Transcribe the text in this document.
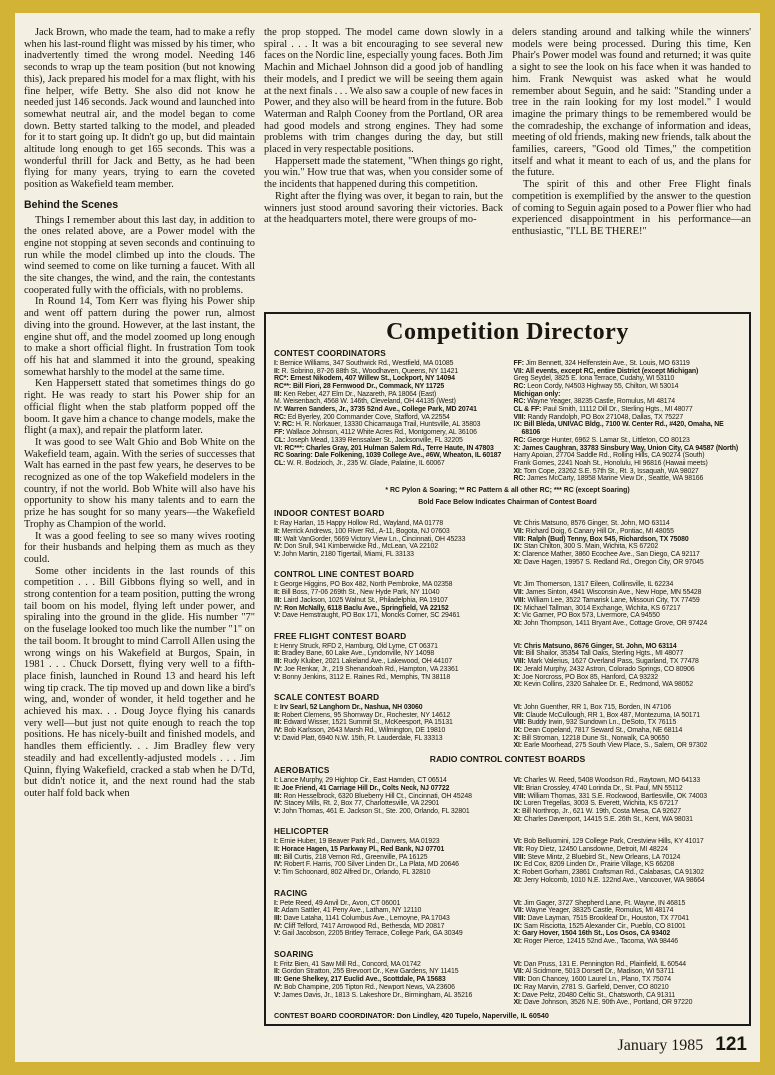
Jack Brown, who made the team, had to make a refly when his last-round flight was missed by his timer, who inadvertently timed the wrong model. Needing 146 seconds to wrap up the team position (but not knowing this), Jack prepared his model for a max flight, with his fine helper, wife Betty. She also did not know he needed just 146 seconds. Jack wound and launched into somewhat neutral air, and the model began to come down. Betty started talking to the model, and pleaded for it to start going up. It didn't go up, but did maintain altitude long enough to get 165 seconds. This was a wonderful thrill for Jack and Betty, as he had been flying for many years, trying to earn the coveted position as Wakefield team member.

Behind the Scenes

Things I remember about this last day, in addition to the ones related above, are a Power model with the engine not stopping at seven seconds and continuing to run while the model climbed up into the clouds. The wind seemed to come on like turning a faucet. With all the site changes, the wind, and the rain, the contestants cooperated fully with the officials, with no problems.

In Round 14, Tom Kerr was flying his Power ship and went off pattern during the power run, almost diving into the ground. However, at the last instant, the engine shut off, and the model zoomed up long enough to make a short official flight. In frustration Tom took off his hat and slammed it into the ground, speaking somewhat harshly to the model at the same time.

Ken Happersett stated that sometimes things do go right. He was ready to start his Power ship for an official flight when the stab platform popped off the boom. It gave him a chance to change models, make the flight (a max), and repair the platform later.

It was good to see Walt Ghio and Bob White on the Wakefield team, again. With the series of successes that Walt has earned in the past few years, he deserves to be recognized as one of the top Wakefield modelers in the country, if not the world. Bob White will also have his opportunity to show his many talents and to earn the prize he has sought for so many years—the Wakefield Trophy as Champion of the world.

It was a good feeling to see so many wives rooting for their husbands and helping them as much as they could.

Some other incidents in the last rounds of this competition . . . Bill Gibbons flying so well, and in strong contention for a team position, putting the wrong tail boom on his model, flying left under power, and spiraling into the ground in the glide. His number "7" on the fuselage looked too much like the number "1" on the tail boom. It brought to mind Carroll Allen using the wrong wings on his Wakefield at Burgos, Spain, in 1981 . . . Chuck Dorsett, flying very well to a fifth-place finish, launched in Round 13 and heard his left wing tip crack. The tip moved up and down like a bird's wing, and, wonder of wonder, it held together and he achieved his max. . . Doug Joyce flying his canards very well—but just not quite enough to reach the top positions. He has nicely-built and finished models, and handles them efficiently. . . Jim Bradley flew very steadily and had excellently-adjusted models . . . Jim Quinn, flying Wakefield, cracked a stab when he D/Td, but didn't notice it, and the next round had the stab outer half fold back when

the prop stopped. The model came down slowly in a spiral . . . It was a bit encouraging to see several new faces on the Nordic line, especially young faces. Both Jim Machin and Michael Johnson did a good job of handling their models, and I predict we will be seeing them again at the next finals . . . We also saw a couple of new faces in Power, and they also will be heard from in the future. Bob Waterman and Ralph Cooney from the Portland, OR area had good models and strong engines. They had some problems with trim changes during the day, but still placed in very respectable positions.

Happersett made the statement, "When things go right, you win." How true that was, when you consider some of the incidents that happened during this competition.

Right after the flying was over, it began to rain, but the winners just stood around savoring their victories. Back at the headquarters motel, there were groups of mo-

delers standing around and talking while the winners' models were being processed. During this time, Ken Phair's Power model was found and returned; it was quite a sight to see the look on his face when it was handed to him. Frank Newquist was asked what he would remember about Seguin, and he said: "Standing under a tree in the rain looking for my lost model." I would imagine the primary things to be remembered would be the comradeship, the exchange of information and ideas, meeting of old friends, making new friends, talk about the families, careers, "Good old Times," the competition itself and what it meant to each of us, and the plans for the future.

The spirit of this and other Free Flight finals competition is exemplified by the answer to the question of coming to Seguin again posed to a Power flier who had experienced disappointment in his performance—an enthusiastic, "I'LL BE THERE!"

Competition Directory
CONTEST COORDINATORS
I: Bernice Williams, 347 Southwick Rd., Westfield, MA 01085
II: R. Sobrino, 87-26 88th St., Woodhaven, Queens, NY 11421
RC*: Ernest Nikodem, 407 Willew St., Lockport, NY 14094
RC**: Bill Fiori, 28 Fernwood Dr., Commack, NY 11725
III: Ken Reber, 427 Elm Dr., Nazareth, PA 18064 (East)
M. Weisenbach, 4568 W. 146th, Cleveland, OH 44135 (West)
IV: Warren Sanders, Jr., 3735 52nd Ave., College Park, MD 20741
RC: Ed Byerley, 200 Commander Cove, Stafford, VA 22554
V: RC: H. R. Norkauer, 13330 Chicamauga Trail, Huntsville, AL 35803
FF: Wallace Johnson, 4112 White Acres Rd., Montgomery, AL 36106
CL: Joseph Mead, 1339 Renssalaer St., Jacksonville, FL 32205
VI: RC***: Charles Gray, 201 Hulman Salem Rd., Terre Haute, IN 47803
RC Soaring: Dale Folkening, 1039 College Ave., #6W, Wheaton, IL 60187
CL: W. R. Bodzioch, Jr., 235 W. Glade, Palatine, IL 60067
FF: Jim Bennett, 324 Helfenstein Ave., St. Louis, MO 63119
VII: All events, except RC, entire District (except Michigan)
Greg Seydel, 3825 E. Iona Terrace, Cudahy, WI 53110
RC: Leon Cordy, N4503 Highway 55, Chilton, WI 53014
Michigan only:
RC: Wayne Yeager, 38235 Castle, Romulus, MI 48174
CL & FF: Paul Smith, 11112 Dill Dr., Sterling Hgts., MI 48077
VIII: Randy Randolph, PO Box 271048, Dallas, TX 75227
IX: Bill Bleda, UNIVAC Bldg., 7100 W. Center Rd., #420, Omaha, NE 68106
RC: George Hunter, 6962 S. Lamar St., Littleton, CO 80123
X: James Caughran, 33783 Sinsbury Way, Union City, CA 94587 (North)
Harry Apoian, 27704 Saddle Rd., Rolling Hills, CA 90274 (South)
Frank Gomes, 2241 Noah St., Honolulu, HI 96816 (Hawaii meets)
XI: Tom Cope, 23262 S.E. 57th St., Rt. 3, Issaquah, WA 98027
RC: James McCarty, 18958 Marine View Dr., Seattle, WA 98166
* RC Pylon & Soaring; ** RC Pattern & all other RC; *** RC (except Soaring)
Bold Face Below Indicates Chairman of Contest Board
INDOOR CONTEST BOARD
I: Ray Harlan, 15 Happy Hollow Rd., Wayland, MA 01778
II: Merrick Andrews, 100 River Rd., A-11, Bogota, NJ 07603
III: Walt VanGorder, 5669 Victory View Ln., Cincinnati, OH 45233
IV: Don Srull, 941 Kimberwicke Rd., McLean, VA 22102
V: John Martin, 2180 Tigertail, Miami, FL 33133
VI: Chris Matsuno, 8576 Ginger, St. John, MO 63114
VII: Richard Doig, 6 Canary Hill Dr., Pontiac, MI 48055
VIII: Ralph (Bud) Tenny, Box 545, Richardson, TX 75080
IX: Stan Chilton, 300 S. Main, Wichita, KS 67202
X: Clarence Mather, 3860 Ecochee Ave., San Diego, CA 92117
XI: Dave Hagen, 19957 S. Redland Rd., Oregon City, OR 97045
CONTROL LINE CONTEST BOARD
I: George Higgins, PO Box 482, North Pembroke, MA 02358
II: Bill Boss, 77-06 269th St., New Hyde Park, NY 11040
III: Laird Jackson, 1025 Walnut St., Philadelphia, PA 19107
IV: Ron McNally, 6118 Baclu Ave., Springfield, VA 22152
V: Dave Hemstraught, PO Box 171, Moncks Corner, SC 29461
VI: Jim Thomerson, 1317 Eileen, Collinsville, IL 62234
VII: James Sinton, 4941 Wisconsin Ave., New Hope, MN 55428
VIII: William Lee, 3522 Tamarisk Lane, Missouri City, TX 77459
IX: Michael Tallman, 3014 Exchange, Wichita, KS 67217
X: Vic Garner, PO Box 573, Livermore, CA 94550
XI: John Thompson, 1411 Bryant Ave., Cottage Grove, OR 97424
FREE FLIGHT CONTEST BOARD
I: Henry Struck, RFD 2, Hamburg, Old Lyme, CT 06371
II: Bradley Bane, 60 Lake Ave., Lyndonville, NY 14098
III: Rudy Kluiber, 2021 Lakeland Ave., Lakewood, OH 44107
IV: Joe Renkar, Jr., 219 Shenandoah Rd., Hampton, VA 23361
V: Bonny Jenkins, 3112 E. Raines Rd., Memphis, TN 38118
VI: Chris Matsuno, 8676 Ginger, St. John, MO 63114
VII: Bill Shailor, 35354 Tall Oaks, Sterling Hgts., MI 48077
VIII: Mark Valerius, 1627 Overland Pass, Sugarland, TX 77478
IX: Jerald Murphy, 2432 Astron, Colorado Springs, CO 80906
X: Joe Norcross, PO Box 85, Hanford, CA 93232
XI: Kevin Collins, 2320 Sahalee Dr. E., Redmond, WA 98052
SCALE CONTEST BOARD
I: Irv Searl, 52 Langhorn Dr., Nashua, NH 03060
II: Robert Clemens, 95 Shornway Dr., Rochester, NY 14612
III: Edward Wisser, 1521 Summit St., McKeesport, PA 15131
IV: Bob Karlsson, 2643 Marsh Rd., Wilmington, DE 19810
V: David Platt, 6940 N.W. 15th, Ft. Lauderdale, FL 33313
VI: John Guenther, RR 1, Box 715, Borden, IN 47106
VII: Claude McCullough, RR 1, Box 487, Montezuma, IA 50171
VIII: Buddy Irwin, 932 Sundown Ln., DeSoto, TX 76115
IX: Dean Copeland, 7817 Seward St., Omaha, NE 68114
X: Bill Stroman, 12218 Dune St., Norwalk, CA 90650
XI: Earle Moorhead, 275 South View Place, S., Salem, OR 97302
RADIO CONTROL CONTEST BOARDS
AEROBATICS
I: Lance Murphy, 29 Hightop Cir., East Hamden, CT 06514
II: Joe Friend, 41 Carriage Hill Dr., Colts Neck, NJ 07722
III: Ron Hesselbrock, 6320 Blueberry Hill Ct., Cincinnati, OH 45248
IV: Stacey Mills, Rt. 2, Box 77, Charlottesville, VA 22901
V: John Thomas, 461 E. Jackson St., Ste. 200, Orlando, FL 32801
VI: Charles W. Reed, 5408 Woodson Rd., Raytown, MO 64133
VII: Brian Crossley, 4740 Lorinda Dr., St. Paul, MN 55112
VIII: William Thomas, 331 S.E. Rockwood, Bartlesville, OK 74003
IX: Loren Tregellas, 3003 S. Everett, Wichita, KS 67217
X: Bill Northrop, Jr., 621 W. 19th, Costa Mesa, CA 92627
XI: Charles Davenport, 14415 S.E. 26th St., Kent, WA 98031
HELICOPTER
I: Ernie Huber, 19 Beaver Park Rd., Danvers, MA 01923
II: Horace Hagen, 15 Parkway Pl., Red Bank, NJ 07701
III: Bill Curtis, 218 Vernon Rd., Greenville, PA 16125
IV: Robert F. Harris, 700 Silver Linden Dr., La Plata, MD 20646
V: Tim Schoonard, 802 Alfred Dr., Orlando, FL 32810
VI: Bob Belluomini, 129 College Park, Crestview Hills, KY 41017
VII: Roy Dietz, 12450 Lansdowne, Detroit, MI 48224
VIII: Steve Mintz, 2 Bluebird St., New Orleans, LA 70124
IX: Ed Cox, 8209 Linden Dr., Prairie Village, KS 66208
X: Robert Gorham, 23861 Craftsman Rd., Calabasas, CA 91302
XI: Jerry Holcomb, 1010 N.E. 122nd Ave., Vancouver, WA 98664
RACING
I: Pete Reed, 49 Anvil Dr., Avon, CT 06001
II: Adam Sattler, 41 Peny Ave., Latham, NY 12110
III: Dave Lataha, 1141 Columbus Ave., Lemoyne, PA 17043
IV: Cliff Telford, 7417 Arrowood Rd., Bethesda, MD 20817
V: Gail Jacobson, 2205 Britley Terrace, College Park, GA 30349
VI: Jim Gager, 3727 Shepherd Lane, Ft. Wayne, IN 46815
VII: Wayne Yeager, 38325 Castle, Romulus, MI 48174
VIII: Dave Layman, 7515 Brookleaf Dr., Houston, TX 77041
IX: Sam Risciotta, 1525 Alexander Cir., Pueblo, CO 81001
X: Gary Hover, 1504 16th St., Los Osos, CA 93402
XI: Roger Pierce, 12415 52nd Ave., Tacoma, WA 98446
SOARING
I: Fritz Bien, 41 Saw Mill Rd., Concord, MA 01742
II: Gordon Stratton, 255 Brevoort Dr., Kew Gardens, NY 11415
III: Gene Shelkey, 217 Euclid Ave., Scottdale, PA 15683
IV: Bob Champine, 205 Tipton Rd., Newport News, VA 23606
V: James Davis, Jr., 1813 S. Lakeshore Dr., Birmingham, AL 35216
VI: Dan Pruss, 131 E. Pennington Rd., Plainfield, IL 60544
VII: Al Scidmore, 5013 Dorsett Dr., Madison, WI 53711
VIII: Don Chancey, 1600 Laurel Ln., Plano, TX 75074
IX: Ray Marvin, 2781 S. Garfield, Denver, CO 80210
X: Dave Peltz, 20480 Celtic St., Chatsworth, CA 91311
XI: Dave Johnson, 3526 N.E. 90th Ave., Portland, OR 97220
CONTEST BOARD COORDINATOR: Don Lindley, 420 Tupelo, Naperville, IL 60540
January 1985 121
